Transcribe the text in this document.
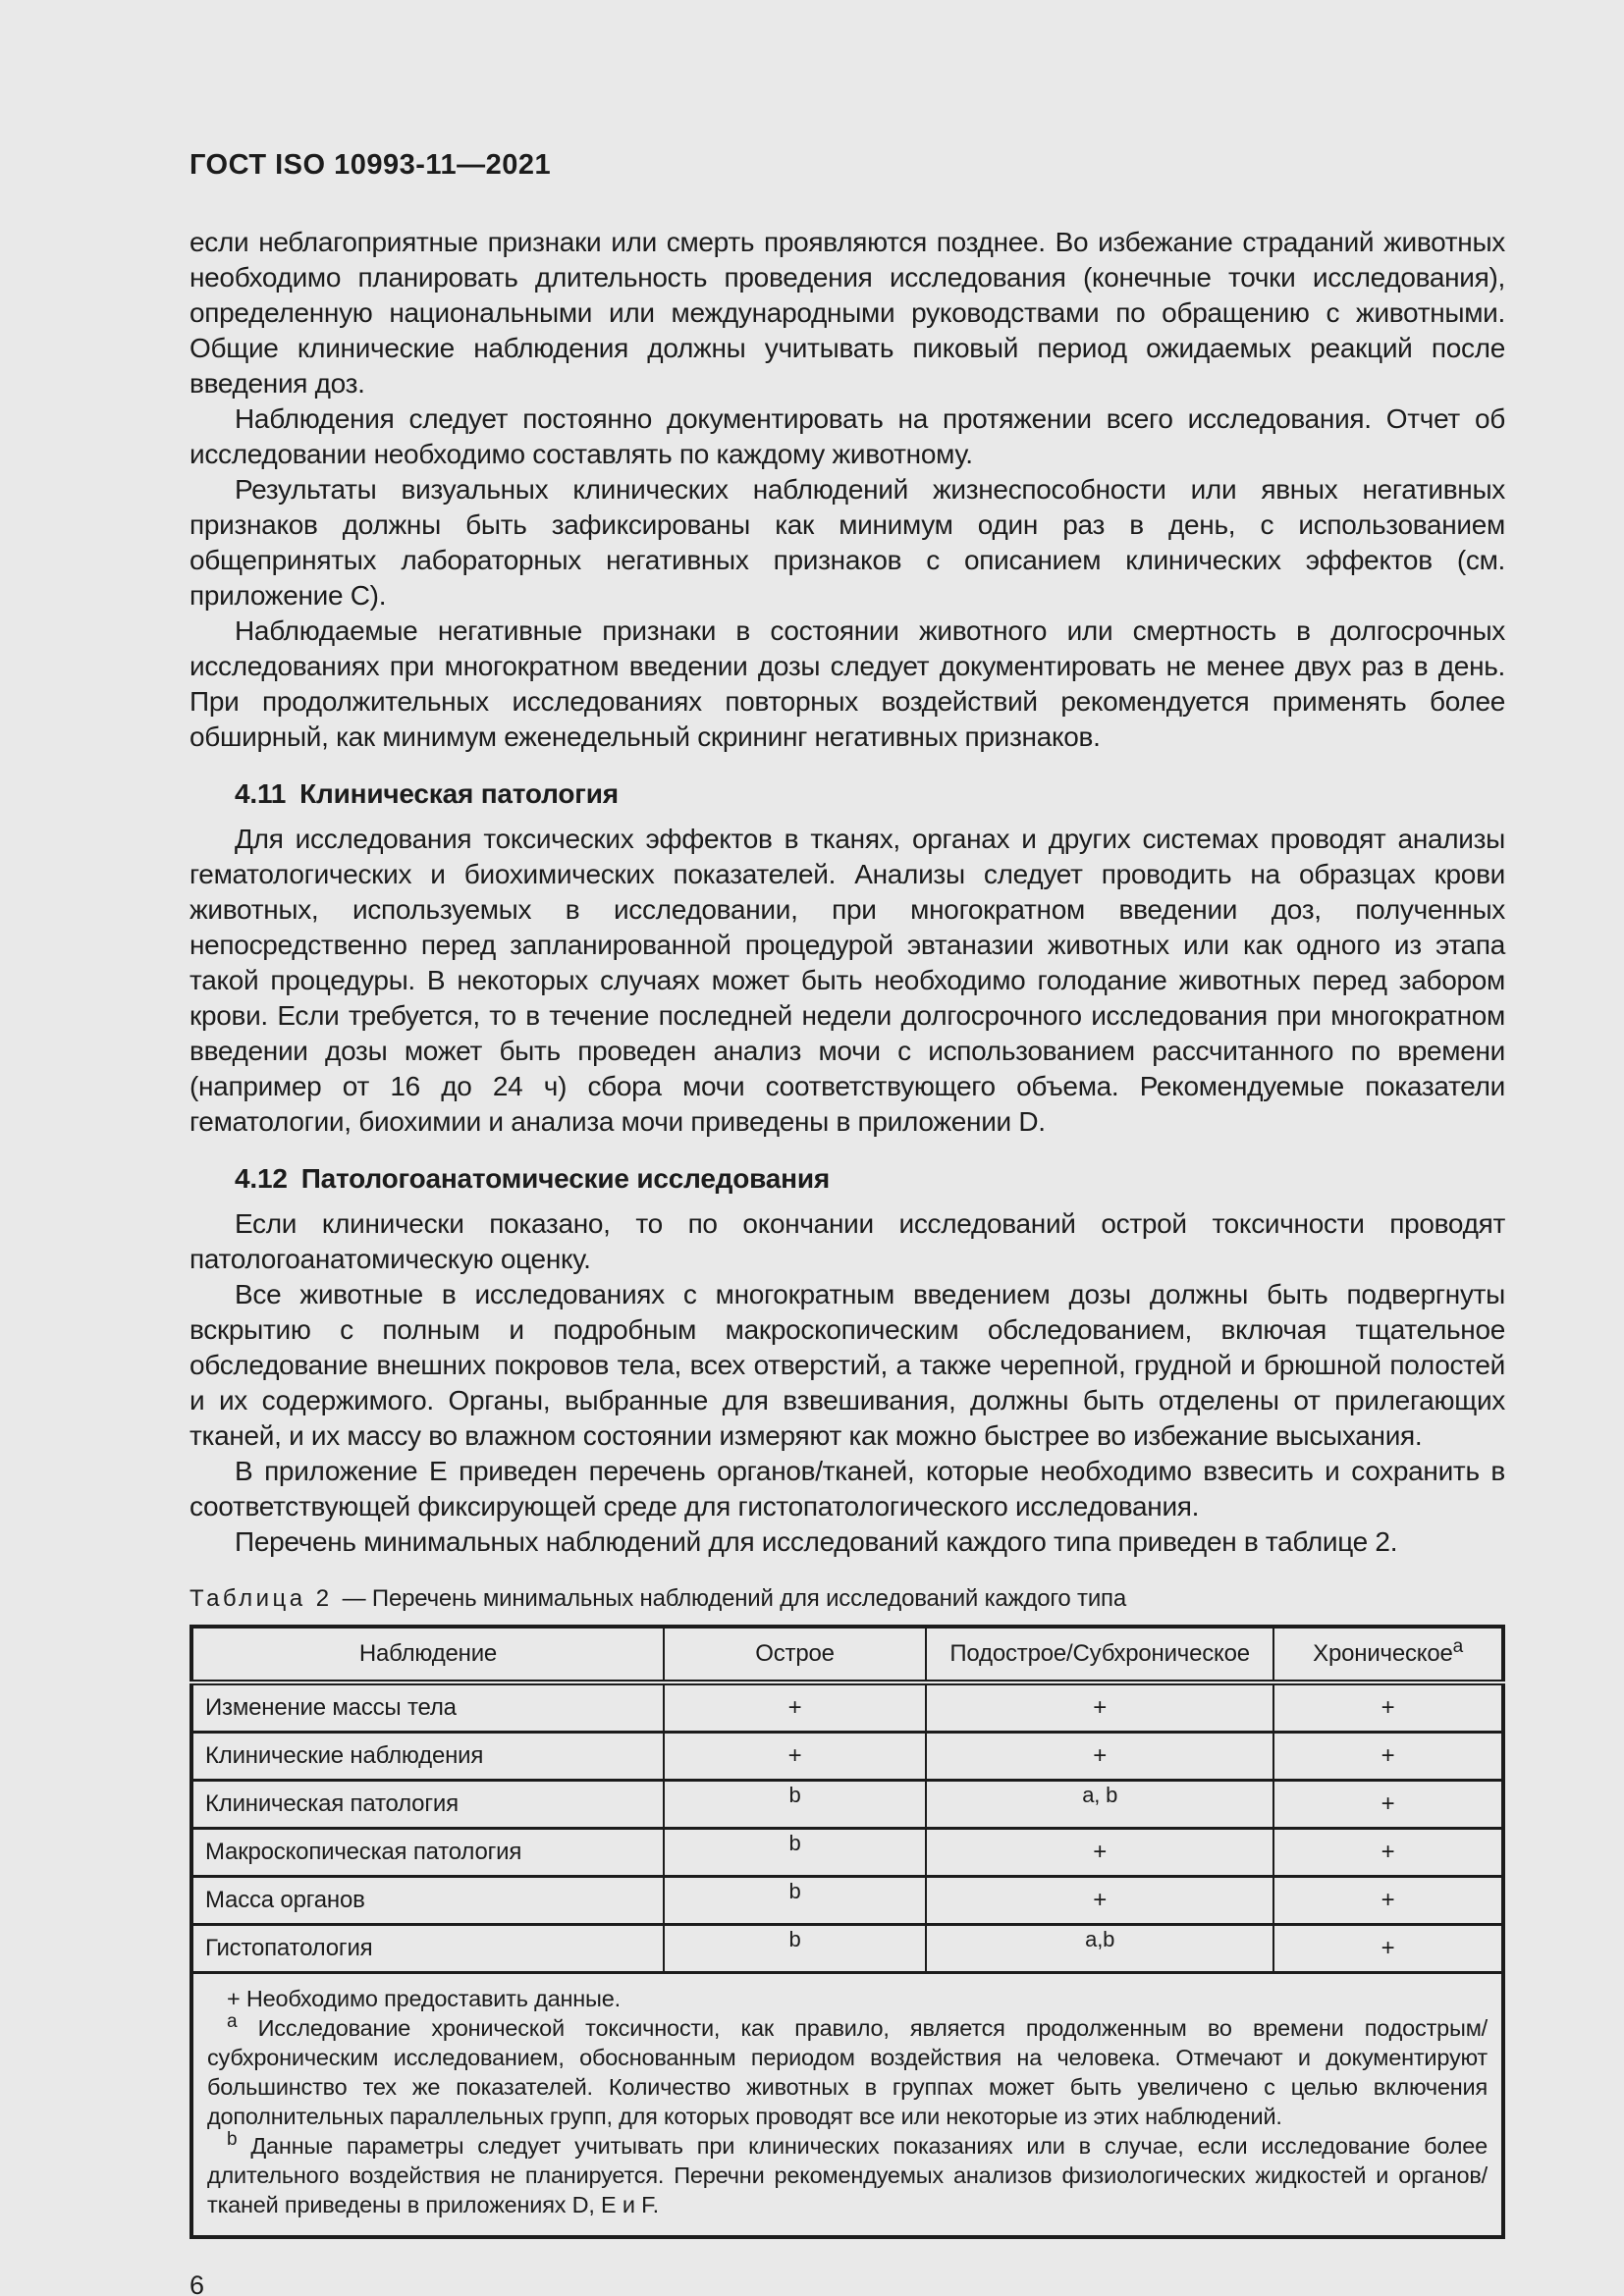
ГОСТ ISO 10993-11—2021

если неблагоприятные признаки или смерть проявляются позднее. Во избежание страданий животных необходимо планировать длительность проведения исследования (конечные точки исследования), определенную национальными или международными руководствами по обращению с животными. Общие клинические наблюдения должны учитывать пиковый период ожидаемых реакций после введения доз.

Наблюдения следует постоянно документировать на протяжении всего исследования. Отчет об исследовании необходимо составлять по каждому животному.

Результаты визуальных клинических наблюдений жизнеспособности или явных негативных признаков должны быть зафиксированы как минимум один раз в день, с использованием общепринятых лабораторных негативных признаков с описанием клинических эффектов (см. приложение C).

Наблюдаемые негативные признаки в состоянии животного или смертность в долгосрочных исследованиях при многократном введении дозы следует документировать не менее двух раз в день. При продолжительных исследованиях повторных воздействий рекомендуется применять более обширный, как минимум еженедельный скрининг негативных признаков.

4.11 Клиническая патология

Для исследования токсических эффектов в тканях, органах и других системах проводят анализы гематологических и биохимических показателей. Анализы следует проводить на образцах крови животных, используемых в исследовании, при многократном введении доз, полученных непосредственно перед запланированной процедурой эвтаназии животных или как одного из этапа такой процедуры. В некоторых случаях может быть необходимо голодание животных перед забором крови. Если требуется, то в течение последней недели долгосрочного исследования при многократном введении дозы может быть проведен анализ мочи с использованием рассчитанного по времени (например от 16 до 24 ч) сбора мочи соответствующего объема. Рекомендуемые показатели гематологии, биохимии и анализа мочи приведены в приложении D.

4.12 Патологоанатомические исследования

Если клинически показано, то по окончании исследований острой токсичности проводят патологоанатомическую оценку.

Все животные в исследованиях с многократным введением дозы должны быть подвергнуты вскрытию с полным и подробным макроскопическим обследованием, включая тщательное обследование внешних покровов тела, всех отверстий, а также черепной, грудной и брюшной полостей и их содержимого. Органы, выбранные для взвешивания, должны быть отделены от прилегающих тканей, и их массу во влажном состоянии измеряют как можно быстрее во избежание высыхания.

В приложение Е приведен перечень органов/тканей, которые необходимо взвесить и сохранить в соответствующей фиксирующей среде для гистопатологического исследования.

Перечень минимальных наблюдений для исследований каждого типа приведен в таблице 2.

Таблица 2 — Перечень минимальных наблюдений для исследований каждого типа
Наблюдение	Острое	Подострое/Субхроническое	Хроническое$^a$
Изменение массы тела	+	+	+
Клинические наблюдения	+	+	+
Клиническая патология	b	a, b	+
Макроскопическая патология	b	+	+
Масса органов	b	+	+
Гистопатология	b	a,b	+

+ Необходимо предоставить данные.

$^a$ Исследование хронической токсичности, как правило, является продолженным во времени подострым/субхроническим исследованием, обоснованным периодом воздействия на человека. Отмечают и документируют большинство тех же показателей. Количество животных в группах может быть увеличено с целью включения дополнительных параллельных групп, для которых проводят все или некоторые из этих наблюдений.

$^b$ Данные параметры следует учитывать при клинических показаниях или в случае, если исследование более длительного воздействия не планируется. Перечни рекомендуемых анализов физиологических жидкостей и органов/тканей приведены в приложениях D, E и F.			

6
